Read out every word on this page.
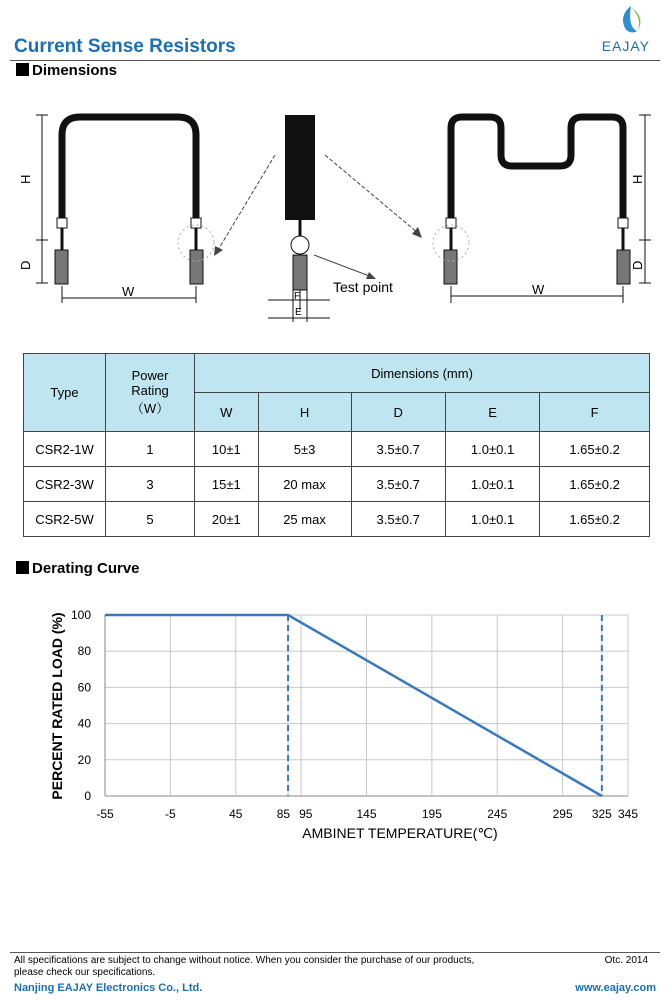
Current Sense Resistors	EAJAY
Dimensions
H
D
W	F
E
Test point
H
D
W
Type	Power
Rating
（W）	Dimensions (mm)				
		W	H	D	E	F
CSR2-1W	1	10±1	5±3	3.5±0.7	1.0±0.1	1.65±0.2
CSR2-3W	3	15±1	20 max	3.5±0.7	1.0±0.1	1.65±0.2
CSR2-5W	5	20±1	25 max	3.5±0.7	1.0±0.1	1.65±0.2
Derating Curve
0
20
40
60
80
100
-55	-5	45	85 95	145	195	245	295 325 345
AMBINET TEMPERATURE(℃)
PERCENT RATED LOAD (%)
All specifications are subject to change without notice. When you consider the purchase of our products,
please check our specifications.
Otc. 2014
Nanjing EAJAY Electronics Co., Ltd.	www.eajay.com
